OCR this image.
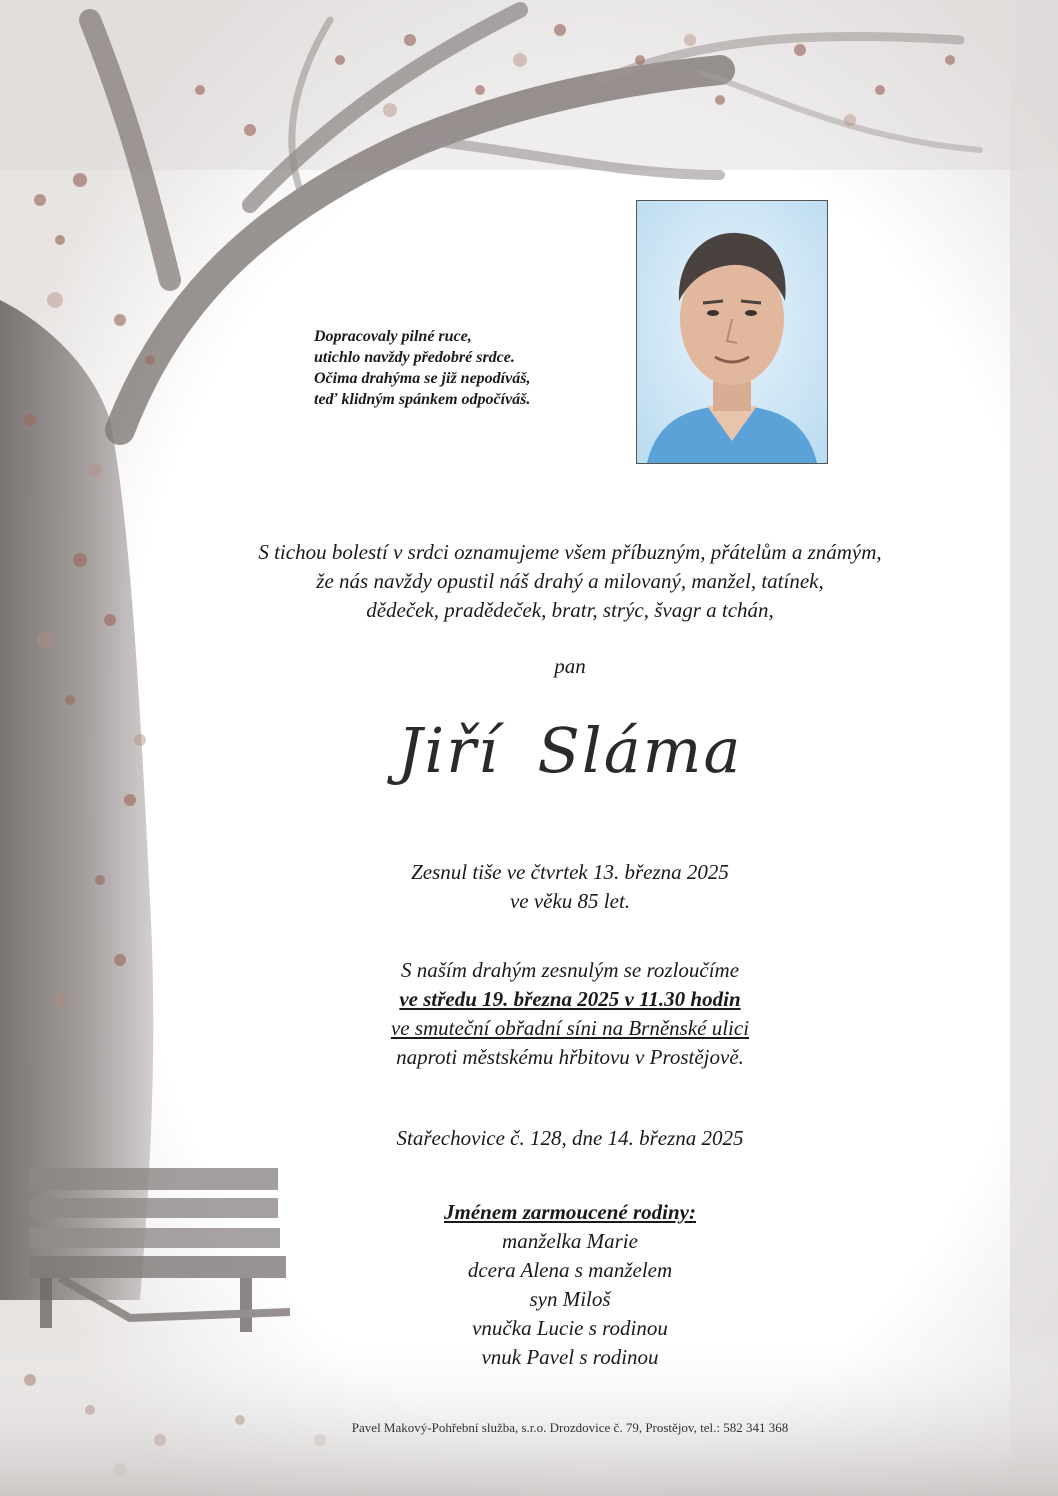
Dopracovaly pilné ruce,
utichlo navždy předobré srdce.
Očima drahýma se již nepodíváš,
teď klidným spánkem odpočíváš.
S tichou bolestí v srdci oznamujeme všem příbuzným, přátelům a známým,
že nás navždy opustil náš drahý a milovaný, manžel, tatínek,
dědeček, pradědeček, bratr, strýc, švagr a tchán,
pan
Jiří Sláma
Zesnul tiše ve čtvrtek 13. března 2025
ve věku 85 let.
S naším drahým zesnulým se rozloučíme
ve středu 19. března 2025 v 11.30 hodin
ve smuteční obřadní síni na Brněnské ulici
naproti městskému hřbitovu v Prostějově.
Stařechovice č. 128, dne 14. března 2025
Jménem zarmoucené rodiny:
manželka Marie
dcera Alena s manželem
syn Miloš
vnučka Lucie s rodinou
vnuk Pavel s rodinou
Pavel Makový-Pohřební služba, s.r.o. Drozdovice č. 79, Prostějov, tel.: 582 341 368
